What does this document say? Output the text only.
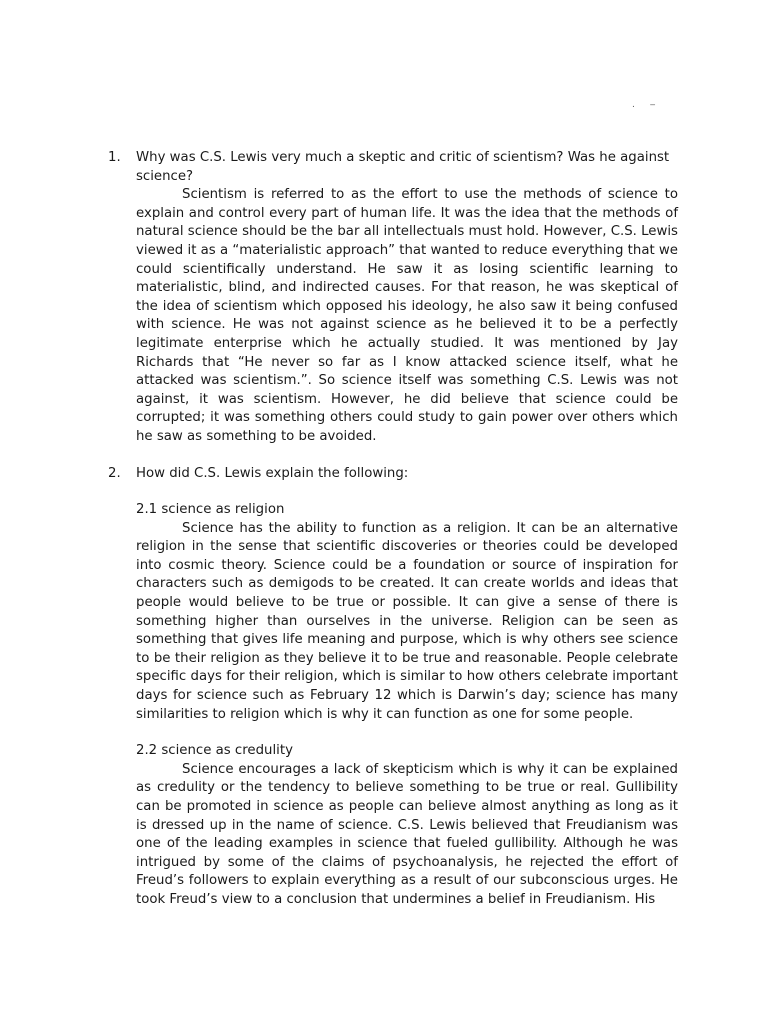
. ‒
1.	Why was C.S. Lewis very much a skeptic and critic of scientism? Was he against science?

Scientism is referred to as the effort to use the methods of science to explain and control every part of human life. It was the idea that the methods of natural science should be the bar all intellectuals must hold. However, C.S. Lewis viewed it as a “materialistic approach” that wanted to reduce everything that we could scientifically understand. He saw it as losing scientific learning to materialistic, blind, and indirected causes. For that reason, he was skeptical of the idea of scientism which opposed his ideology, he also saw it being confused with science. He was not against science as he believed it to be a perfectly legitimate enterprise which he actually studied. It was mentioned by Jay Richards that “He never so far as I know attacked science itself, what he attacked was scientism.”. So science itself was something C.S. Lewis was not against, it was scientism. However, he did believe that science could be corrupted; it was something others could study to gain power over others which he saw as something to be avoided.

2.	How did C.S. Lewis explain the following:

2.1 science as religion

Science has the ability to function as a religion. It can be an alternative religion in the sense that scientific discoveries or theories could be developed into cosmic theory. Science could be a foundation or source of inspiration for characters such as demigods to be created. It can create worlds and ideas that people would believe to be true or possible. It can give a sense of there is something higher than ourselves in the universe. Religion can be seen as something that gives life meaning and purpose, which is why others see science to be their religion as they believe it to be true and reasonable. People celebrate specific days for their religion, which is similar to how others celebrate important days for science such as February 12 which is Darwin’s day; science has many similarities to religion which is why it can function as one for some people.

2.2 science as credulity

Science encourages a lack of skepticism which is why it can be explained as credulity or the tendency to believe something to be true or real. Gullibility can be promoted in science as people can believe almost anything as long as it is dressed up in the name of science. C.S. Lewis believed that Freudianism was one of the leading examples in science that fueled gullibility. Although he was intrigued by some of the claims of psychoanalysis, he rejected the effort of Freud’s followers to explain everything as a result of our subconscious urges. He took Freud’s view to a conclusion that undermines a belief in Freudianism. His
